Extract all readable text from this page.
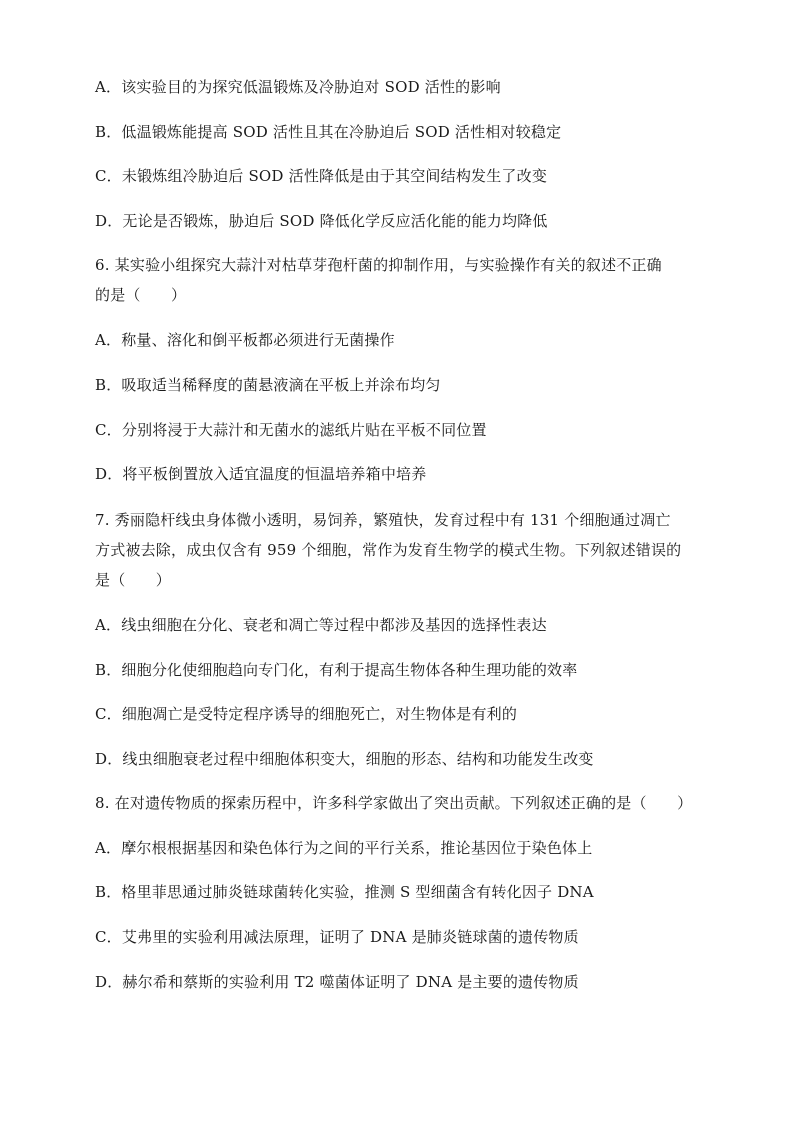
A．该实验目的为探究低温锻炼及冷胁迫对 SOD 活性的影响
B．低温锻炼能提高 SOD 活性且其在冷胁迫后 SOD 活性相对较稳定
C．未锻炼组冷胁迫后 SOD 活性降低是由于其空间结构发生了改变
D．无论是否锻炼，胁迫后 SOD 降低化学反应活化能的能力均降低
6. 某实验小组探究大蒜汁对枯草芽孢杆菌的抑制作用，与实验操作有关的叙述不正确
的是（　　）
A．称量、溶化和倒平板都必须进行无菌操作
B．吸取适当稀释度的菌悬液滴在平板上并涂布均匀
C．分别将浸于大蒜汁和无菌水的滤纸片贴在平板不同位置
D．将平板倒置放入适宜温度的恒温培养箱中培养
7. 秀丽隐杆线虫身体微小透明，易饲养，繁殖快，发育过程中有 131 个细胞通过凋亡
方式被去除，成虫仅含有 959 个细胞，常作为发育生物学的模式生物。下列叙述错误的
是（　　）
A．线虫细胞在分化、衰老和凋亡等过程中都涉及基因的选择性表达
B．细胞分化使细胞趋向专门化，有利于提高生物体各种生理功能的效率
C．细胞凋亡是受特定程序诱导的细胞死亡，对生物体是有利的
D．线虫细胞衰老过程中细胞体积变大，细胞的形态、结构和功能发生改变
8. 在对遗传物质的探索历程中，许多科学家做出了突出贡献。下列叙述正确的是（　　）
A．摩尔根根据基因和染色体行为之间的平行关系，推论基因位于染色体上
B．格里菲思通过肺炎链球菌转化实验，推测 S 型细菌含有转化因子 DNA
C．艾弗里的实验利用减法原理，证明了 DNA 是肺炎链球菌的遗传物质
D．赫尔希和蔡斯的实验利用 T2 噬菌体证明了 DNA 是主要的遗传物质
